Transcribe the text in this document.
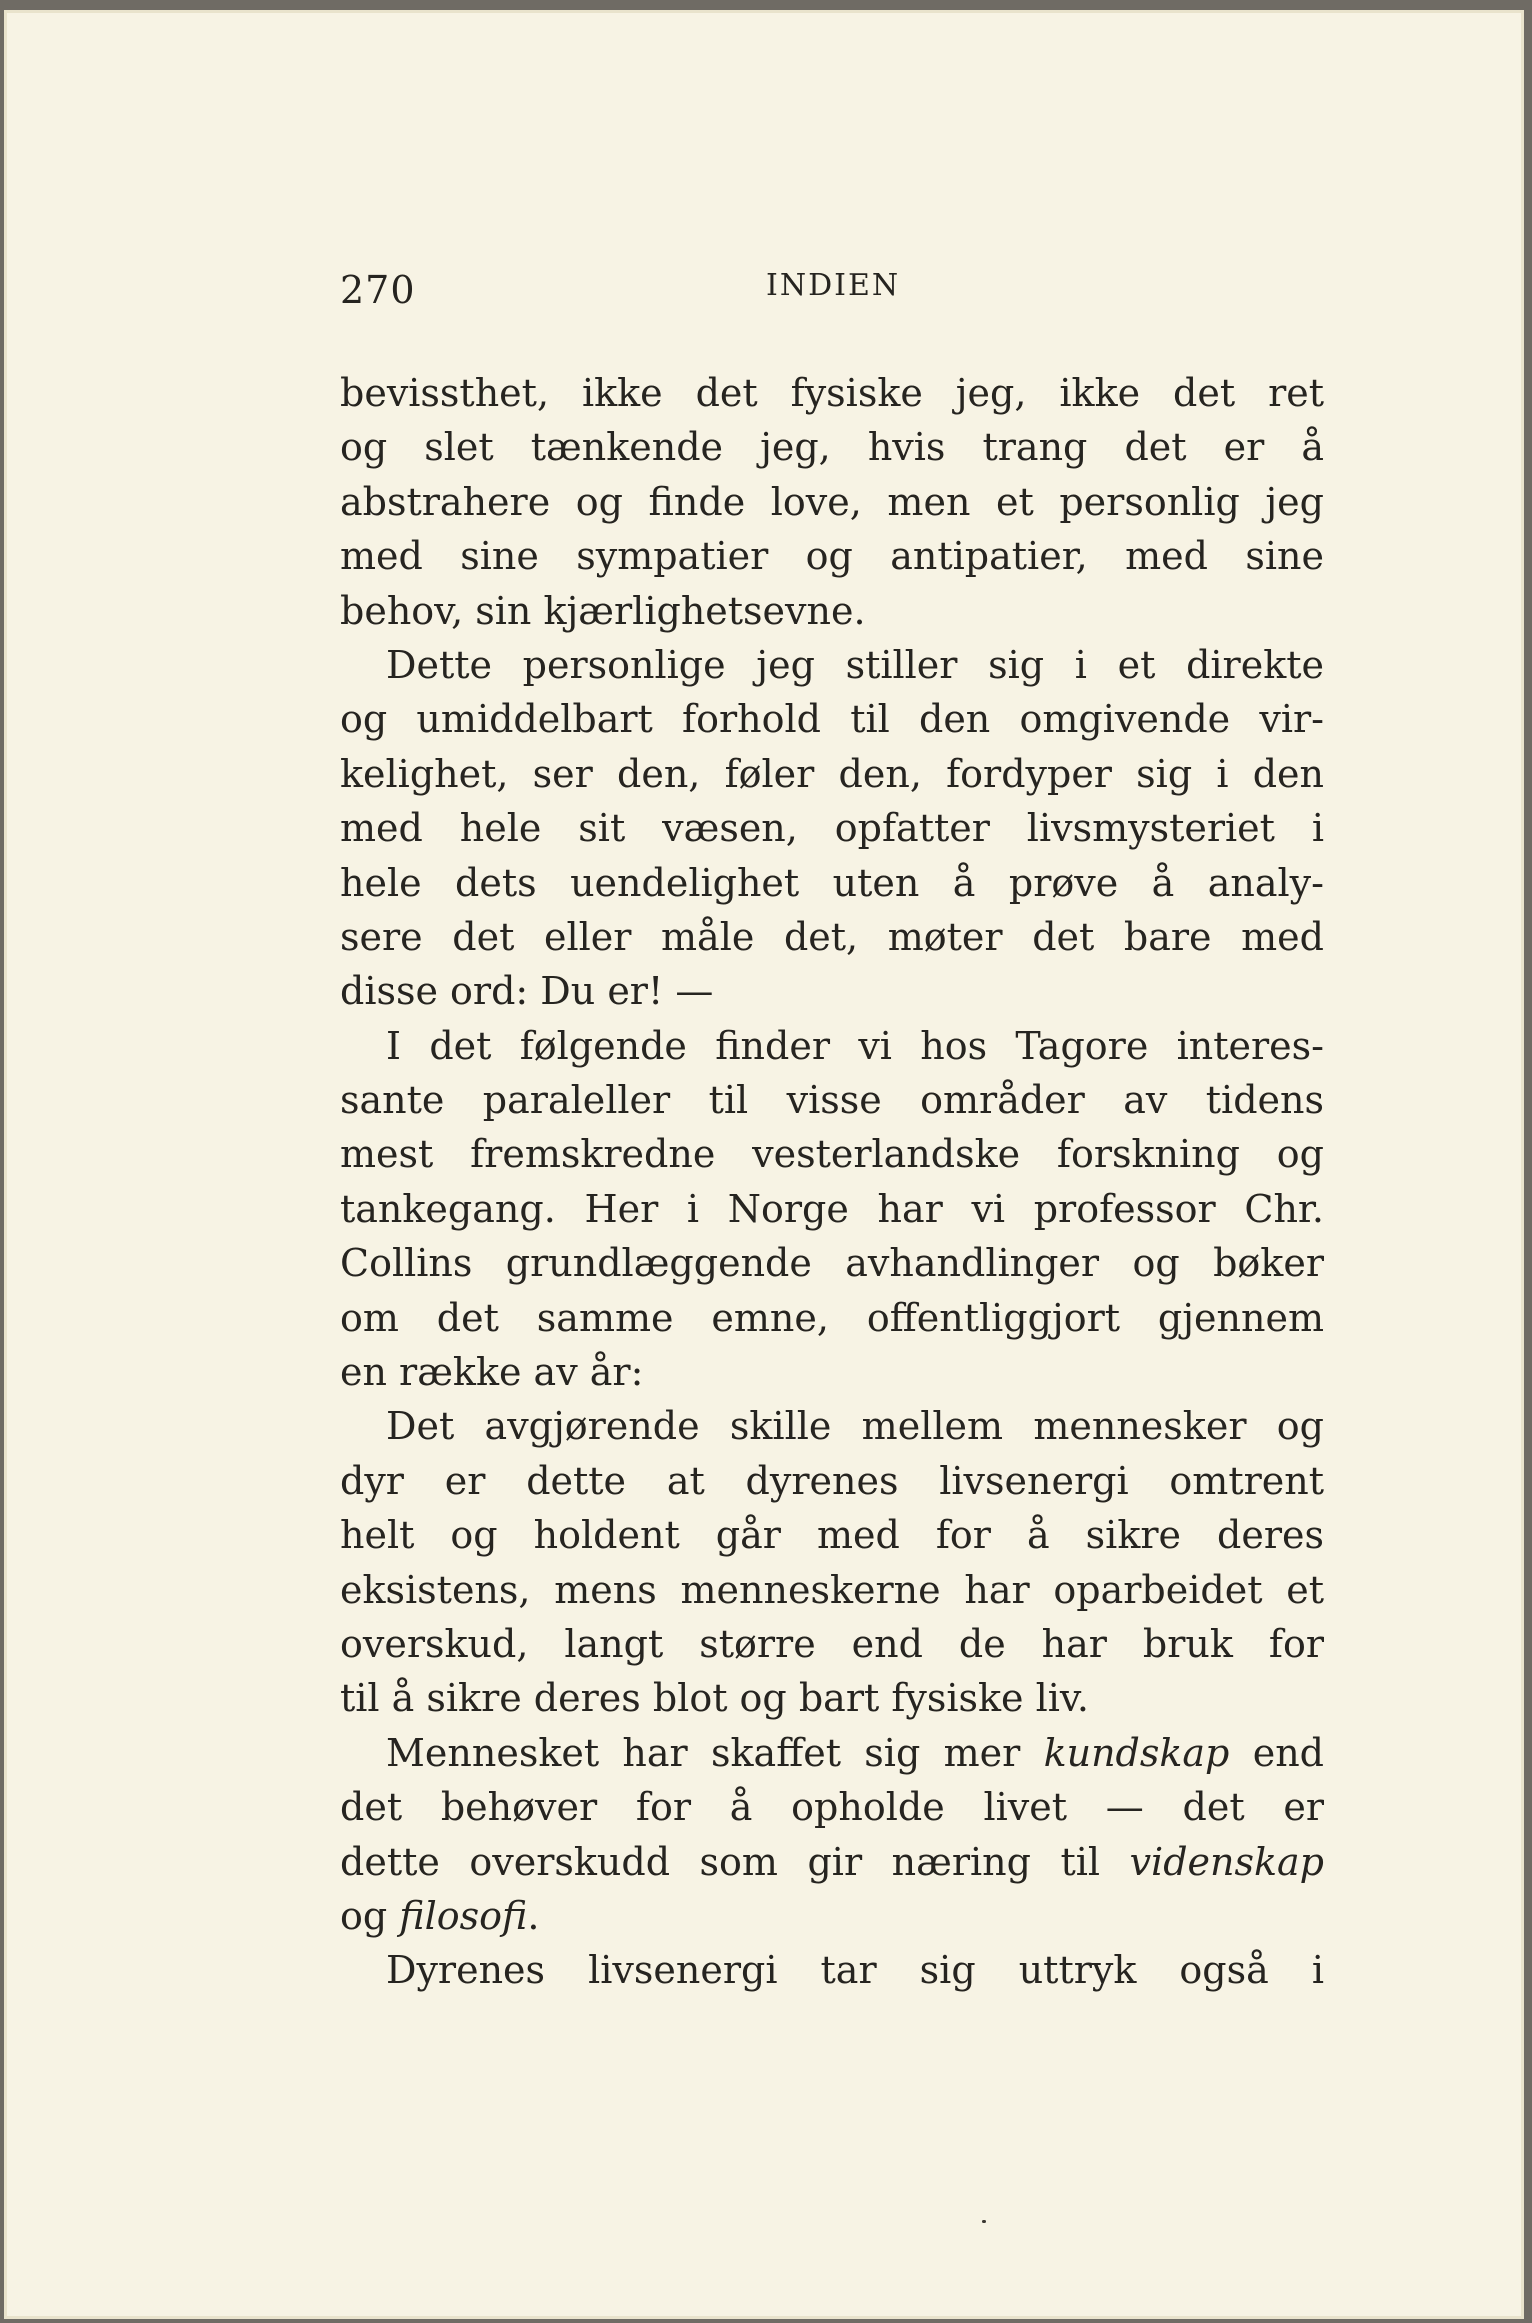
270	INDIEN
bevissthet, ikke det fysiske jeg, ikke det ret
og slet tænkende jeg, hvis trang det er å
abstrahere og finde love, men et personlig jeg
med sine sympatier og antipatier, med sine
behov, sin kjærlighetsevne.
Dette personlige jeg stiller sig i et direkte
og umiddelbart forhold til den omgivende vir-
kelighet, ser den, føler den, fordyper sig i den
med hele sit væsen, opfatter livsmysteriet i
hele dets uendelighet uten å prøve å analy-
sere det eller måle det, møter det bare med
disse ord: Du er! —
I det følgende finder vi hos Tagore interes-
sante paraleller til visse områder av tidens
mest fremskredne vesterlandske forskning og
tankegang. Her i Norge har vi professor Chr.
Collins grundlæggende avhandlinger og bøker
om det samme emne, offentliggjort gjennem
en række av år:
Det avgjørende skille mellem mennesker og
dyr er dette at dyrenes livsenergi omtrent
helt og holdent går med for å sikre deres
eksistens, mens menneskerne har oparbeidet et
overskud, langt større end de har bruk for
til å sikre deres blot og bart fysiske liv.
Mennesket har skaffet sig mer kundskap end
det behøver for å opholde livet — det er
dette overskudd som gir næring til videnskap
og filosofi.
Dyrenes livsenergi tar sig uttryk også i
